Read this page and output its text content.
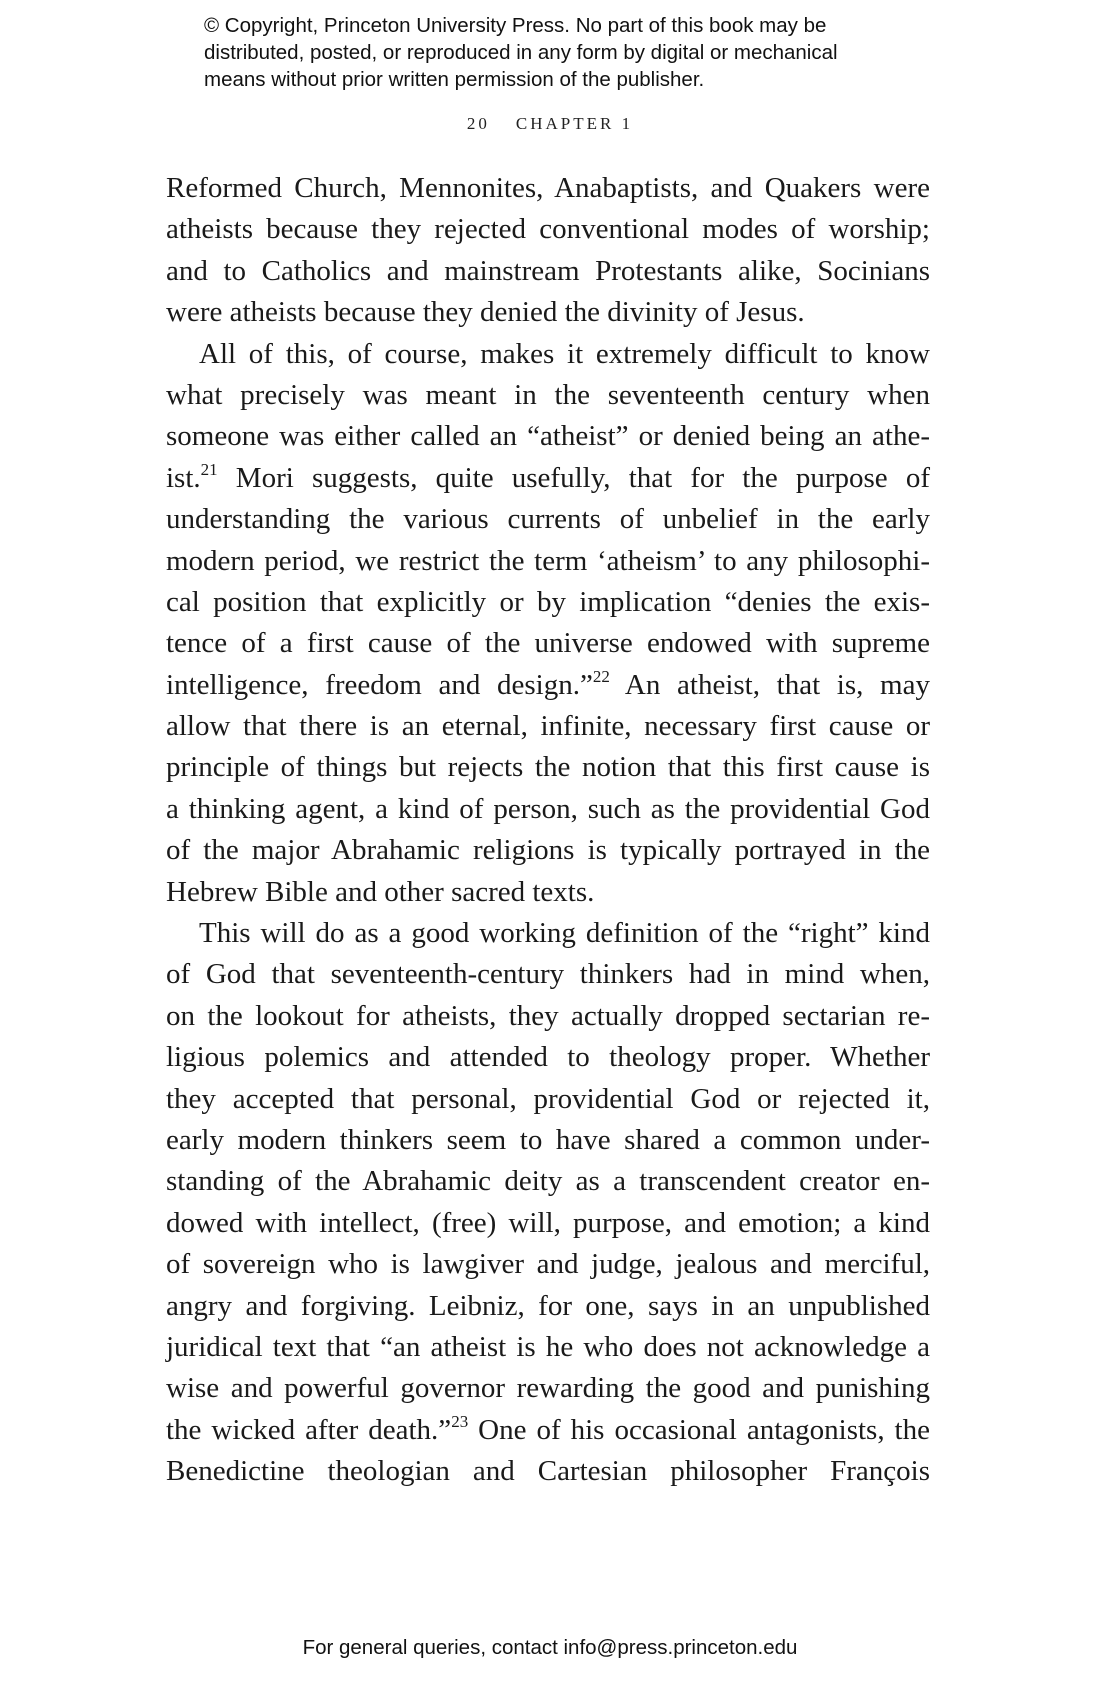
© Copyright, Princeton University Press. No part of this book may be
distributed, posted, or reproduced in any form by digital or mechanical
means without prior written permission of the publisher.
20 CHAPTER 1
Reformed Church, Mennonites, Anabaptists, and Quakers were
atheists because they rejected conventional modes of worship;
and to Catholics and mainstream Protestants alike, Socinians
were atheists because they denied the divinity of Jesus.
All of this, of course, makes it extremely difficult to know
what precisely was meant in the seventeenth century when
someone was either called an “atheist” or denied being an athe-
ist.$^{21}$ Mori suggests, quite usefully, that for the purpose of
understanding the various currents of unbelief in the early
modern period, we restrict the term ‘atheism’ to any philosophi-
cal position that explicitly or by implication “denies the exis-
tence of a first cause of the universe endowed with supreme
intelligence, freedom and design.”$^{22}$ An atheist, that is, may
allow that there is an eternal, infinite, necessary first cause or
principle of things but rejects the notion that this first cause is
a thinking agent, a kind of person, such as the providential God
of the major Abrahamic religions is typically portrayed in the
Hebrew Bible and other sacred texts.
This will do as a good working definition of the “right” kind
of God that seventeenth-century thinkers had in mind when,
on the lookout for atheists, they actually dropped sectarian re-
ligious polemics and attended to theology proper. Whether
they accepted that personal, providential God or rejected it,
early modern thinkers seem to have shared a common under-
standing of the Abrahamic deity as a transcendent creator en-
dowed with intellect, (free) will, purpose, and emotion; a kind
of sovereign who is lawgiver and judge, jealous and merciful,
angry and forgiving. Leibniz, for one, says in an unpublished
juridical text that “an atheist is he who does not acknowledge a
wise and powerful governor rewarding the good and punishing
the wicked after death.”$^{23}$ One of his occasional antagonists, the
Benedictine theologian and Cartesian philosopher François
For general queries, contact info@press.princeton.edu
